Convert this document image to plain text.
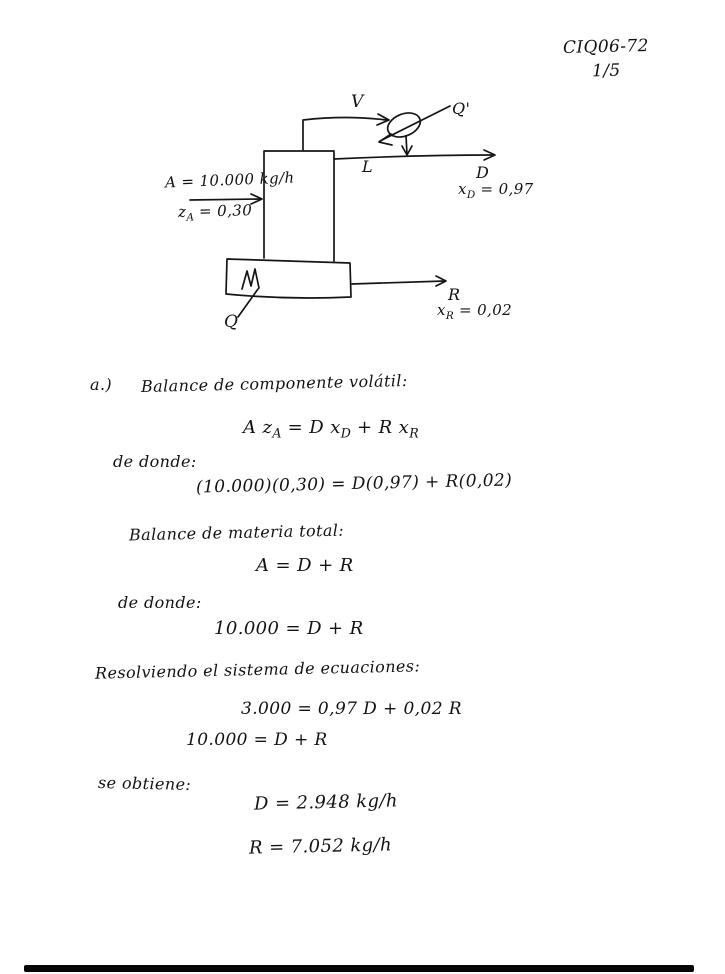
CIQ06-72
1/5
V	Q'
L	D
$x_D = 0,97$
A = 10.000 kg/h
$z_A = 0,30$
R
$x_R = 0,02$
Q
a.) Balance de componente volátil:
A $z_A = D$ $x_D + R$ $x_R$
de donde:
(10.000)(0,30) = D(0,97) + R(0,02)
Balance de materia total:
A = D + R
de donde:
10.000 = D + R
Resolviendo el sistema de ecuaciones:
3.000 = 0,97 D + 0,02 R
10.000 = D + R
se obtiene:
D = 2.948 kg/h
R = 7.052 kg/h
